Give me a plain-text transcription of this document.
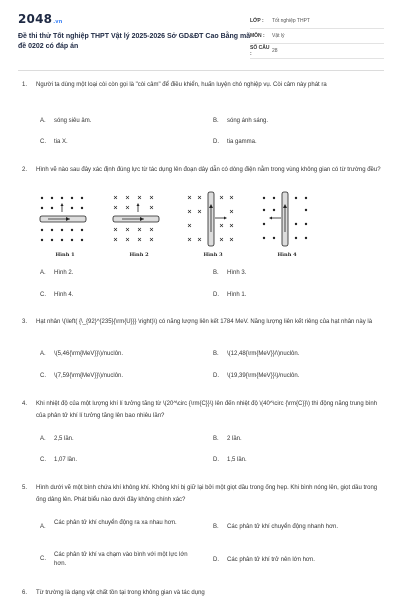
2048.vn
Đề thi thử Tốt nghiệp THPT Vật lý 2025-2026 Sở GD&ĐT Cao Bằng mã đề 0202 có đáp án
LỚP :	Tốt nghiệp THPT
MÔN :	Vật lý
SỐ CÂU :	28
1.	Người ta dùng một loại còi còn gọi là "còi câm" để điều khiển, huấn luyện chó nghiệp vụ. Còi câm này phát ra
A. sóng siêu âm.	B. sóng ánh sáng.
C. tia X.	D. tia gamma.
2.	Hình vẽ nào sau đây xác định đúng lực từ tác dụng lên đoạn dây dẫn có dòng điện nằm trong vùng không gian có từ trường đều?
Hình 1	Hình 2	Hình 3	Hình 4
A. Hình 2.	B. Hình 3.
C. Hình 4.	D. Hình 1.
3.	Hạt nhân \(\left( {\_{92}^{235}{\rm{U}}} \right)\) có năng lượng liên kết 1784 MeV. Năng lượng liên kết riêng của hạt nhân này là
A. \(5,46{\rm{MeV}}\)/nuclôn.	B. \(12,48{\rm{MeV}}/\)nuclôn.
C. \(7,59{\rm{MeV}}\)/nuclôn.	D. \(19,39{\rm{MeV}}\)/nuclôn.
4.	Khi nhiệt độ của một lượng khí lí tưởng tăng từ \(20^\circ {\rm{C}}\) lên đến nhiệt độ \(40^\circ {\rm{C}}\) thì động năng trung bình của phân tử khí lí tưởng tăng lên bao nhiêu lần?
A. 2,5 lần.	B. 2 lần.
C. 1,07 lần.	D. 1,5 lần.
5.	Hình dưới vẽ một bình chứa khí không khí. Không khí bị giữ lại bởi một giọt dầu trong ống hẹp. Khi bình nóng lên, giọt dầu trong ống dâng lên. Phát biểu nào dưới đây không chính xác?
A.
Các phân tử khí chuyển động ra xa nhau hơn.
B. Các phân tử khí chuyển động nhanh hơn.
C.
Các phân tử khí va chạm vào bình với một lực lớn hơn.
D. Các phân tử khí trở nên lớn hơn.
6.	Từ trường là dạng vật chất tồn tại trong không gian và tác dụng
